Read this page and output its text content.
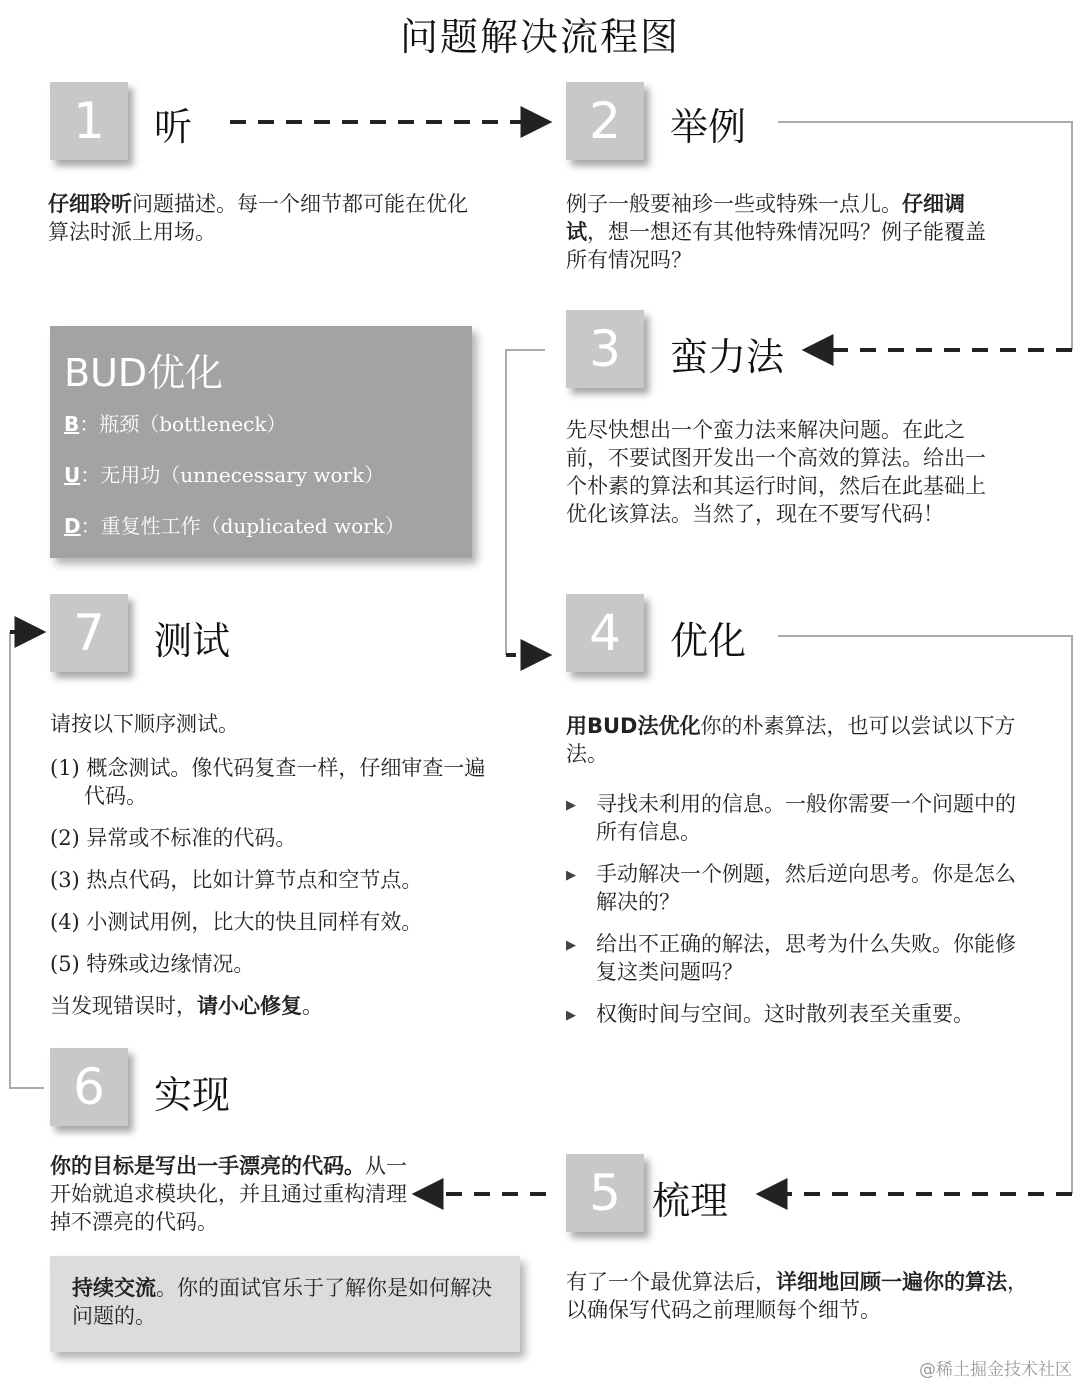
问题解决流程图
1	听
仔细聆听问题描述。每一个细节都可能在优化算法时派上用场。
2	举例
例子一般要袖珍一些或特殊一点儿。仔细调试，想一想还有其他特殊情况吗？例子能覆盖所有情况吗？
BUD优化
B：瓶颈（bottleneck）
U：无用功（unnecessary work）
D：重复性工作（duplicated work）
3	蛮力法
先尽快想出一个蛮力法来解决问题。在此之前，不要试图开发出一个高效的算法。给出一个朴素的算法和其运行时间，然后在此基础上优化该算法。当然了，现在不要写代码！
7	测试
请按以下顺序测试。
(1) 概念测试。像代码复查一样，仔细审查一遍代码。
(2) 异常或不标准的代码。
(3) 热点代码，比如计算节点和空节点。
(4) 小测试用例，比大的快且同样有效。
(5) 特殊或边缘情况。
当发现错误时，请小心修复。
4	优化
用BUD法优化你的朴素算法，也可以尝试以下方法。
▶ 寻找未利用的信息。一般你需要一个问题中的所有信息。
▶ 手动解决一个例题，然后逆向思考。你是怎么解决的？
▶ 给出不正确的解法，思考为什么失败。你能修复这类问题吗？
▶ 权衡时间与空间。这时散列表至关重要。
6	实现
你的目标是写出一手漂亮的代码。从一开始就追求模块化，并且通过重构清理掉不漂亮的代码。	5 梳理
有了一个最优算法后，详细地回顾一遍你的算法，以确保写代码之前理顺每个细节。
持续交流。你的面试官乐于了解你是如何解决问题的。
@稀土掘金技术社区
